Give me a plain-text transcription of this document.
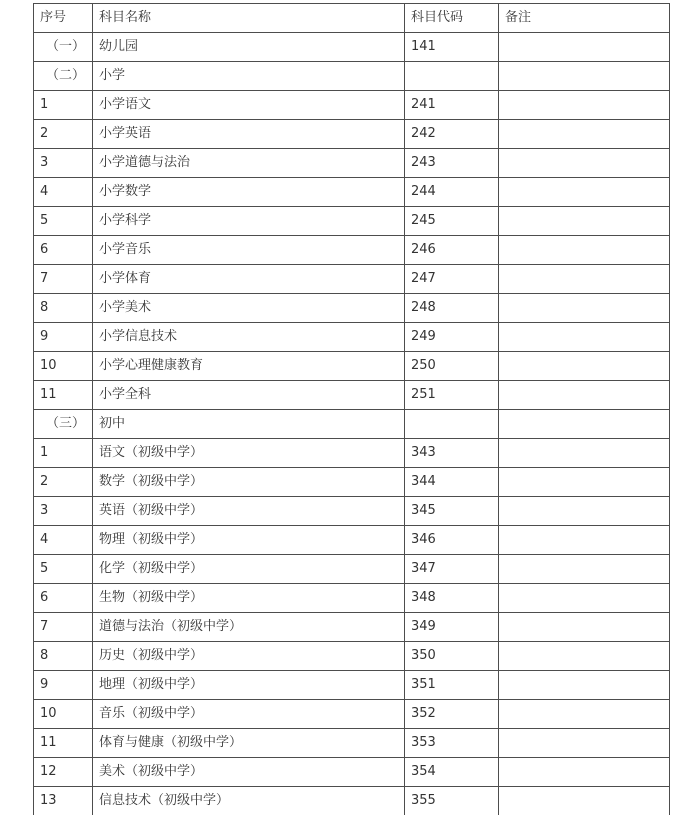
序号	科目名称	科目代码	备注
（一）	幼儿园	141	
（二）	小学		
1	小学语文	241	
2	小学英语	242	
3	小学道德与法治	243	
4	小学数学	244	
5	小学科学	245	
6	小学音乐	246	
7	小学体育	247	
8	小学美术	248	
9	小学信息技术	249	
10	小学心理健康教育	250	
11	小学全科	251	
（三）	初中		
1	语文（初级中学）	343	
2	数学（初级中学）	344	
3	英语（初级中学）	345	
4	物理（初级中学）	346	
5	化学（初级中学）	347	
6	生物（初级中学）	348	
7	道德与法治（初级中学）	349	
8	历史（初级中学）	350	
9	地理（初级中学）	351	
10	音乐（初级中学）	352	
11	体育与健康（初级中学）	353	
12	美术（初级中学）	354	
13	信息技术（初级中学）	355	
